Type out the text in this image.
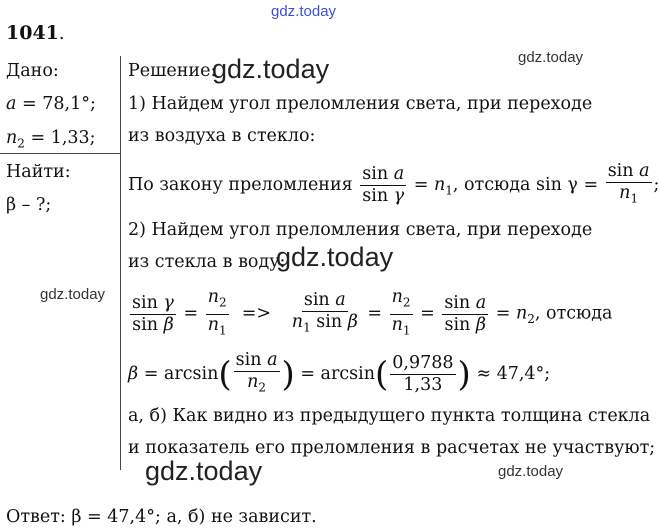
gdz.today
gdz.today
gdz.today
gdz.today
gdz.today
gdz.today	gdz.today
1041.
Дано:
a = 78,1°;
$n_2 = 1,33$;
Найти:
β – ?;
Решение:
1) Найдем угол преломления света, при переходе
из воздуха в стекло:
По закону преломления $\frac{\text{sin a}}{\text{sin γ}} = n_1$, отсюда $\sin \gamma = \frac{\text{sin a}}{n_1}$ ;
2) Найдем угол преломления света, при переходе
из стекла в воду:
$\frac{\text{sin γ}}{\text{sin β}} = \frac{n_2}{n_1} => \frac{\text{sin a}}{n_1 \sin \beta} = \frac{n_2}{n_1} = \frac{\text{sin a}}{\text{sin β}} = n_2$, отсюда
$\beta = \arcsin( \frac{\text{sin a}}{n_2}$ ) = $\arcsin( \frac{0,9788}{1,33}$ ) ≈ 47,4°;
а, б) Как видно из предыдущего пункта толщина стекла
и показатель его преломления в расчетах не участвуют;
Ответ: β = 47,4°; а, б) не зависит.
